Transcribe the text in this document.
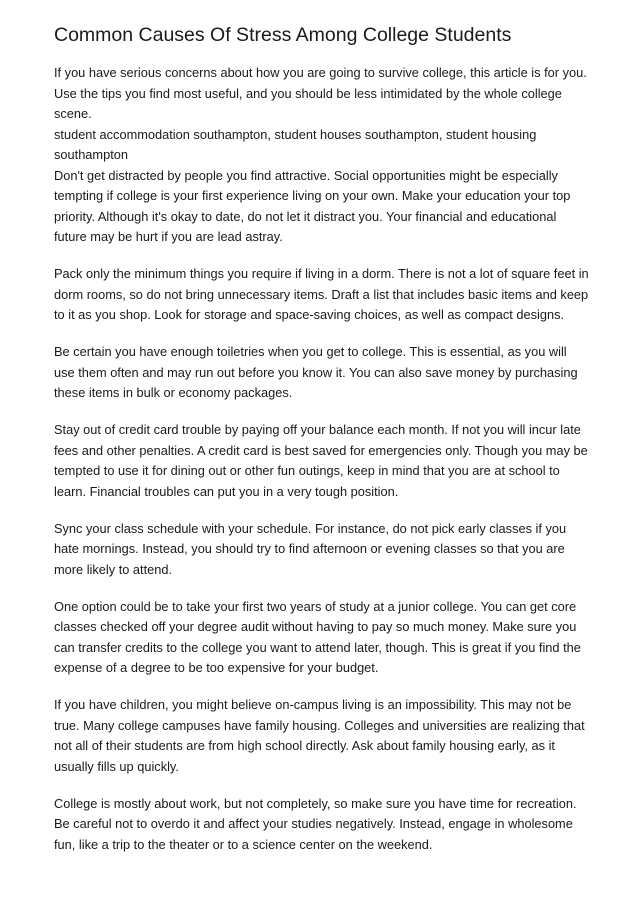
Common Causes Of Stress Among College Students

If you have serious concerns about how you are going to survive college, this article is for you. Use the tips you find most useful, and you should be less intimidated by the whole college scene.
student accommodation southampton, student houses southampton, student housing southampton
Don't get distracted by people you find attractive. Social opportunities might be especially tempting if college is your first experience living on your own. Make your education your top priority. Although it's okay to date, do not let it distract you. Your financial and educational future may be hurt if you are lead astray.

Pack only the minimum things you require if living in a dorm. There is not a lot of square feet in dorm rooms, so do not bring unnecessary items. Draft a list that includes basic items and keep to it as you shop. Look for storage and space-saving choices, as well as compact designs.

Be certain you have enough toiletries when you get to college. This is essential, as you will use them often and may run out before you know it. You can also save money by purchasing these items in bulk or economy packages.

Stay out of credit card trouble by paying off your balance each month. If not you will incur late fees and other penalties. A credit card is best saved for emergencies only. Though you may be tempted to use it for dining out or other fun outings, keep in mind that you are at school to learn. Financial troubles can put you in a very tough position.

Sync your class schedule with your schedule. For instance, do not pick early classes if you hate mornings. Instead, you should try to find afternoon or evening classes so that you are more likely to attend.

One option could be to take your first two years of study at a junior college. You can get core classes checked off your degree audit without having to pay so much money. Make sure you can transfer credits to the college you want to attend later, though. This is great if you find the expense of a degree to be too expensive for your budget.

If you have children, you might believe on-campus living is an impossibility. This may not be true. Many college campuses have family housing. Colleges and universities are realizing that not all of their students are from high school directly. Ask about family housing early, as it usually fills up quickly.

College is mostly about work, but not completely, so make sure you have time for recreation. Be careful not to overdo it and affect your studies negatively. Instead, engage in wholesome fun, like a trip to the theater or to a science center on the weekend.
